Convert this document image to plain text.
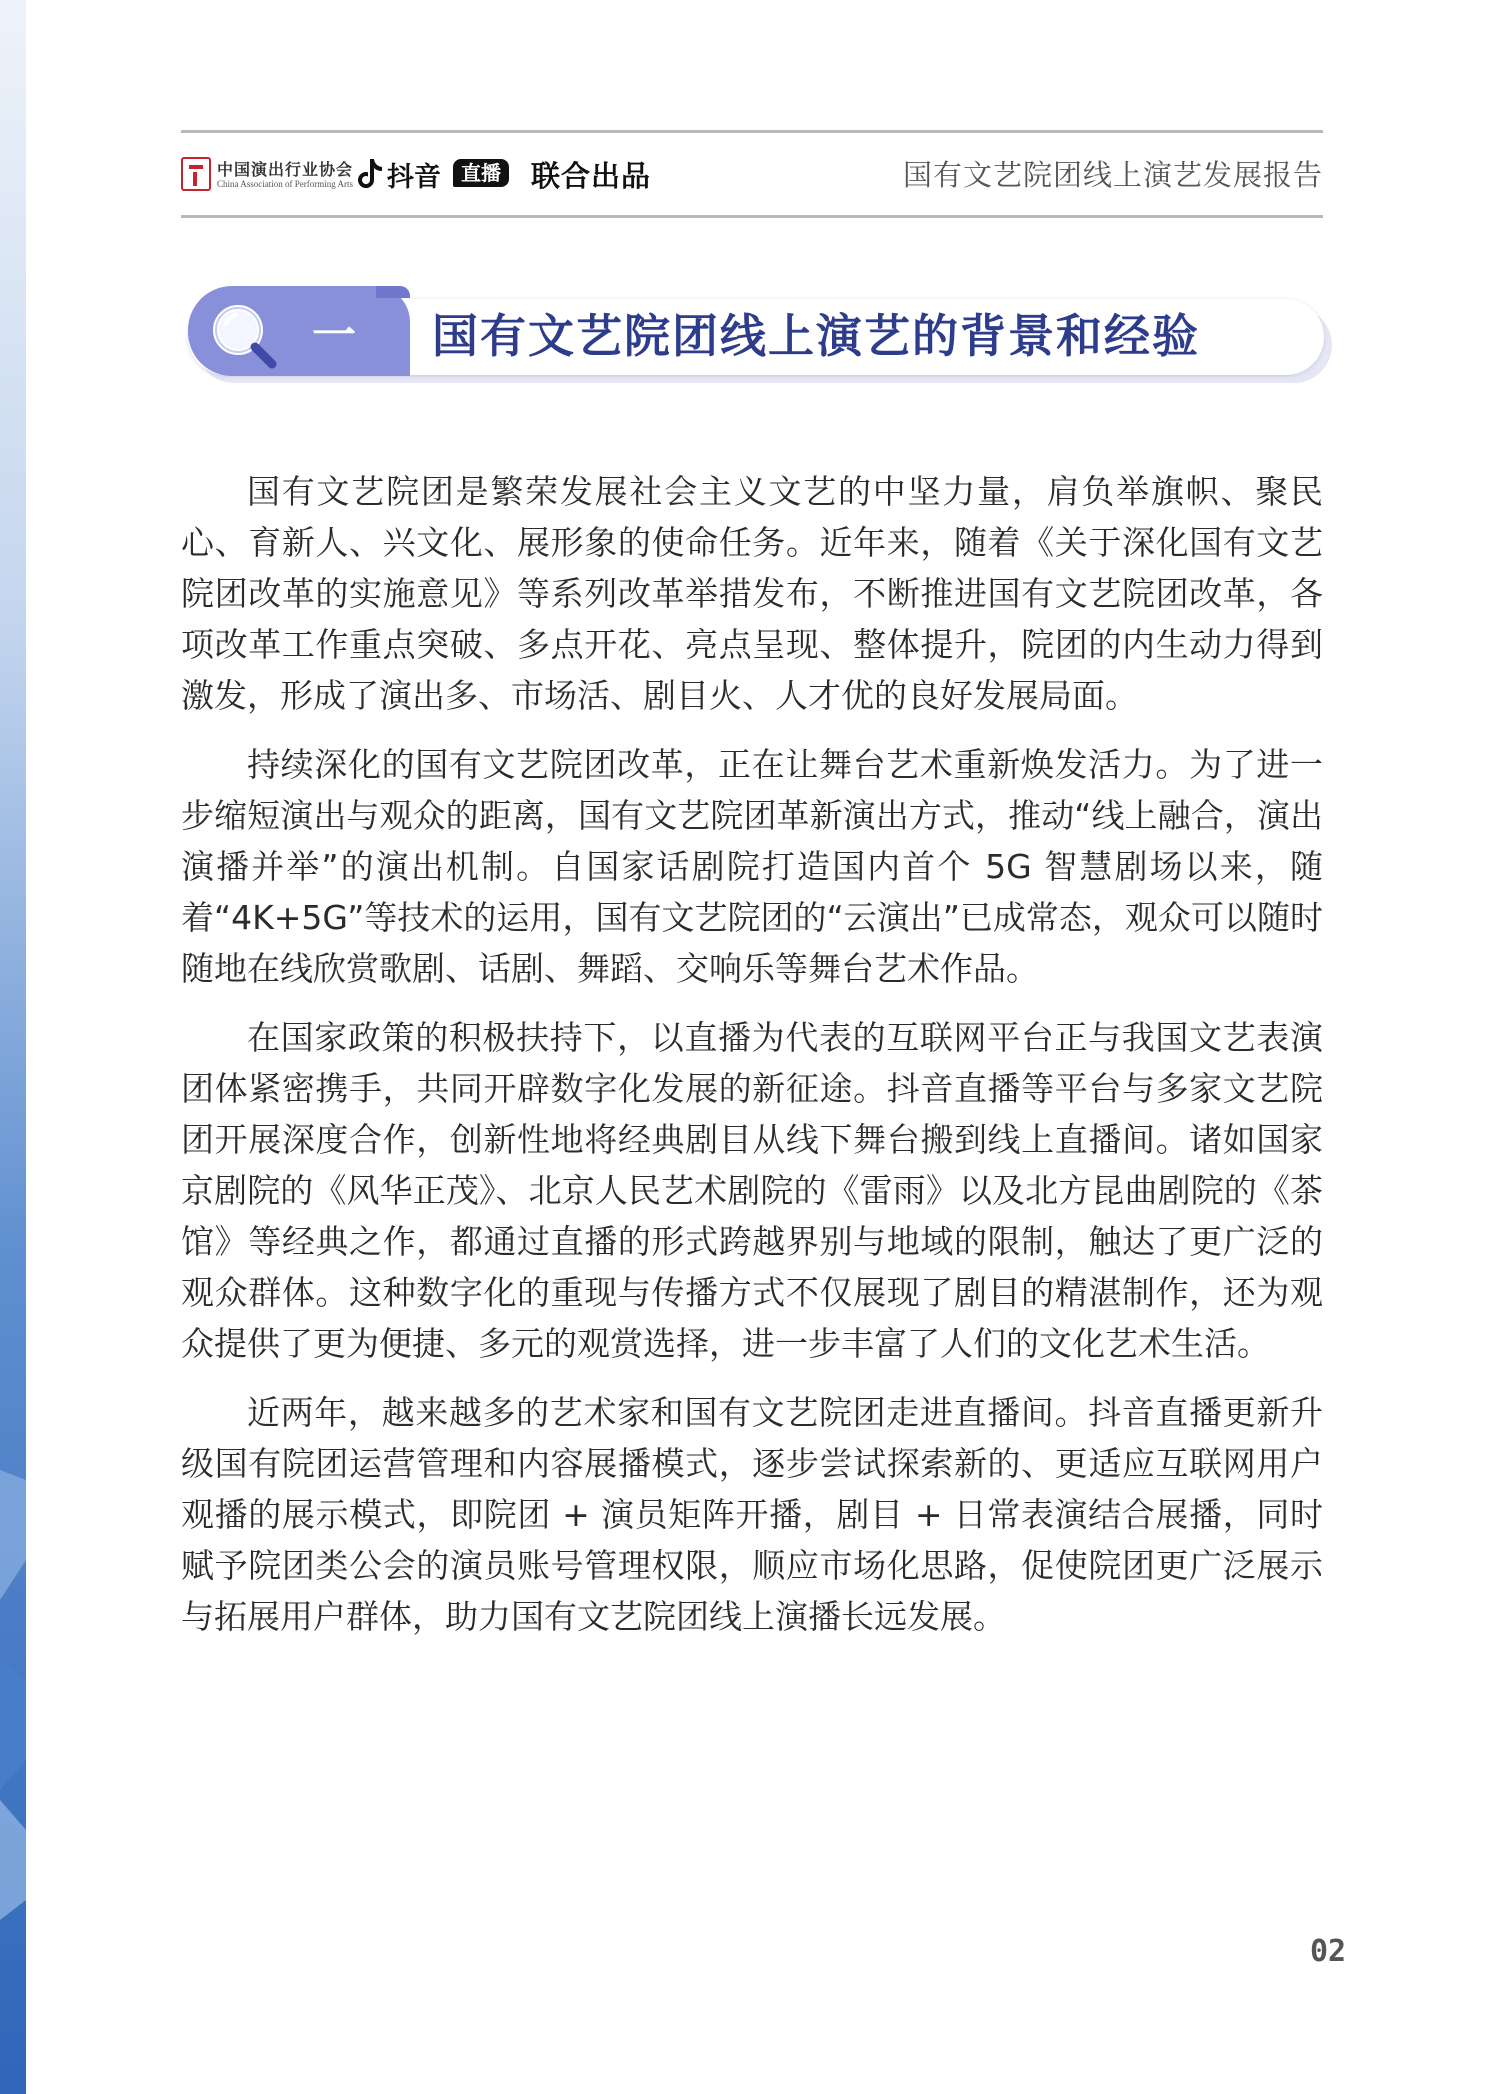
中国演出行业协会
China Association of Performing Arts 抖音	直播 联合出品	国有文艺院团线上演艺发展报告
一 国有文艺院团线上演艺的背景和经验

国有文艺院团是繁荣发展社会主义文艺的中坚力量，肩负举旗帜、聚民心、育新人、兴文化、展形象的使命任务。近年来，随着《关于深化国有文艺院团改革的实施意见》等系列改革举措发布，不断推进国有文艺院团改革，各项改革工作重点突破、多点开花、亮点呈现、整体提升，院团的内生动力得到激发，形成了演出多、市场活、剧目火、人才优的良好发展局面。

持续深化的国有文艺院团改革，正在让舞台艺术重新焕发活力。为了进一步缩短演出与观众的距离，国有文艺院团革新演出方式，推动“线上融合，演出演播并举”的演出机制。自国家话剧院打造国内首个 5G 智慧剧场以来，随着“4K+5G”等技术的运用，国有文艺院团的“云演出”已成常态，观众可以随时随地在线欣赏歌剧、话剧、舞蹈、交响乐等舞台艺术作品。

在国家政策的积极扶持下，以直播为代表的互联网平台正与我国文艺表演团体紧密携手，共同开辟数字化发展的新征途。抖音直播等平台与多家文艺院团开展深度合作，创新性地将经典剧目从线下舞台搬到线上直播间。诸如国家京剧院的《风华正茂》、北京人民艺术剧院的《雷雨》以及北方昆曲剧院的《茶馆》等经典之作，都通过直播的形式跨越界别与地域的限制，触达了更广泛的观众群体。这种数字化的重现与传播方式不仅展现了剧目的精湛制作，还为观众提供了更为便捷、多元的观赏选择，进一步丰富了人们的文化艺术生活。

近两年，越来越多的艺术家和国有文艺院团走进直播间。抖音直播更新升级国有院团运营管理和内容展播模式，逐步尝试探索新的、更适应互联网用户观播的展示模式，即院团 + 演员矩阵开播，剧目 + 日常表演结合展播，同时赋予院团类公会的演员账号管理权限，顺应市场化思路，促使院团更广泛展示与拓展用户群体，助力国有文艺院团线上演播长远发展。

02
